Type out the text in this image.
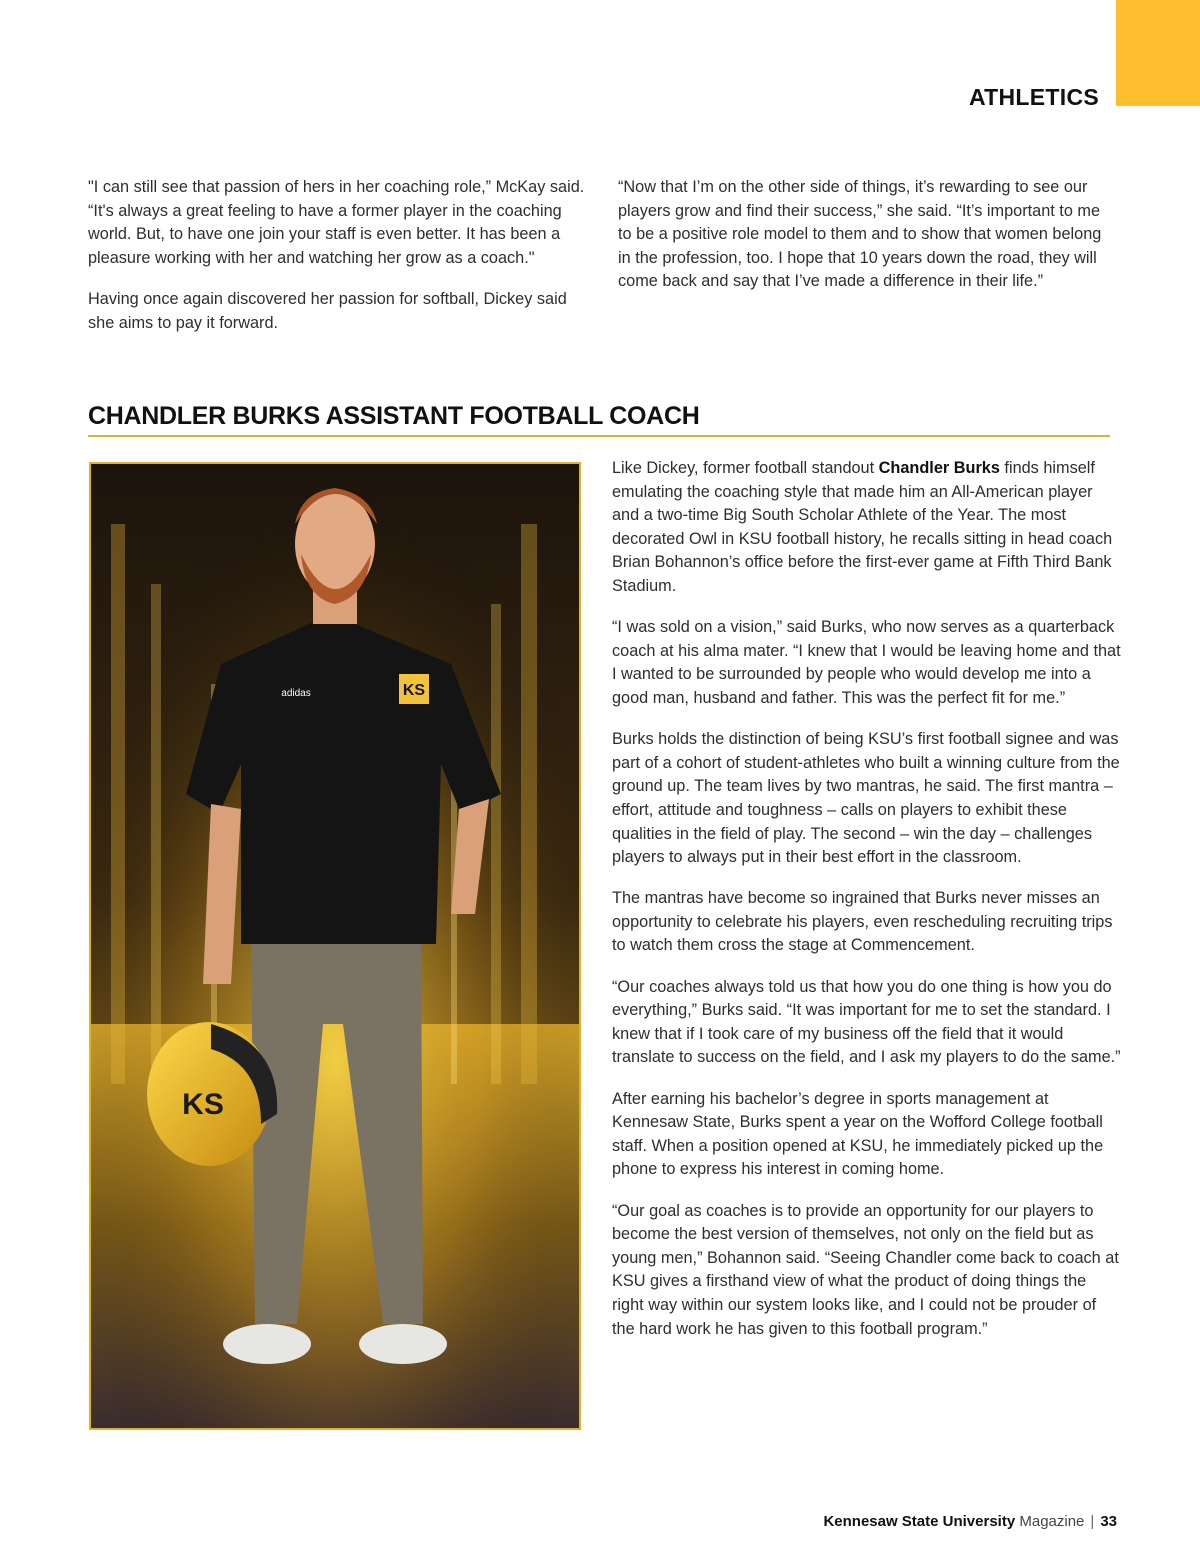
ATHLETICS

"I can still see that passion of hers in her coaching role,” McKay said. “It's always a great feeling to have a former player in the coaching world. But, to have one join your staff is even better. It has been a pleasure working with her and watching her grow as a coach."

Having once again discovered her passion for softball, Dickey said she aims to pay it forward.

“Now that I’m on the other side of things, it’s rewarding to see our players grow and find their success,” she said. “It’s important to me to be a positive role model to them and to show that women belong in the profession, too. I hope that 10 years down the road, they will come back and say that I’ve made a difference in their life.”

CHANDLER BURKS ASSISTANT FOOTBALL COACH
KS
adidas
KS

Like Dickey, former football standout Chandler Burks finds himself emulating the coaching style that made him an All-American player and a two-time Big South Scholar Athlete of the Year. The most decorated Owl in KSU football history, he recalls sitting in head coach Brian Bohannon’s office before the first-ever game at Fifth Third Bank Stadium.

“I was sold on a vision,” said Burks, who now serves as a quarterback coach at his alma mater. “I knew that I would be leaving home and that I wanted to be surrounded by people who would develop me into a good man, husband and father. This was the perfect fit for me.”

Burks holds the distinction of being KSU’s first football signee and was part of a cohort of student-athletes who built a winning culture from the ground up. The team lives by two mantras, he said. The first mantra – effort, attitude and toughness – calls on players to exhibit these qualities in the field of play. The second – win the day – challenges players to always put in their best effort in the classroom.

The mantras have become so ingrained that Burks never misses an opportunity to celebrate his players, even rescheduling recruiting trips to watch them cross the stage at Commencement.

“Our coaches always told us that how you do one thing is how you do everything,” Burks said. “It was important for me to set the standard. I knew that if I took care of my business off the field that it would translate to success on the field, and I ask my players to do the same.”

After earning his bachelor’s degree in sports management at Kennesaw State, Burks spent a year on the Wofford College football staff. When a position opened at KSU, he immediately picked up the phone to express his interest in coming home.

“Our goal as coaches is to provide an opportunity for our players to become the best version of themselves, not only on the field but as young men,” Bohannon said. “Seeing Chandler come back to coach at KSU gives a firsthand view of what the product of doing things the right way within our system looks like, and I could not be prouder of the hard work he has given to this football program.”

Kennesaw State University Magazine | 33
